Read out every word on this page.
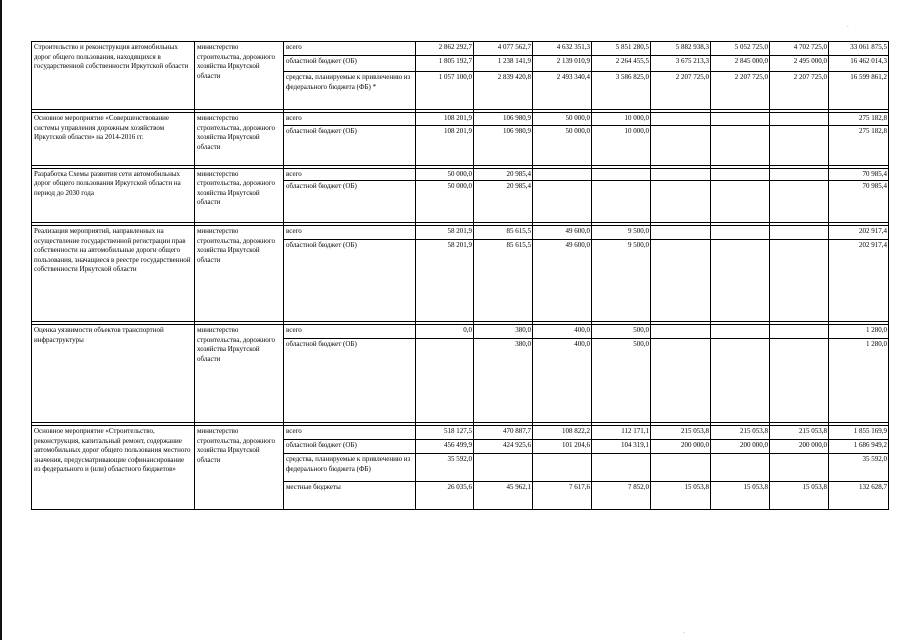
.
.
Строительство и реконструкция автомобильных дорог общего пользования, находящихся в государственной собственности Иркутской области	министерство строительства, дорожного хозяйства Иркутской области	всего	2 862 292,7	4 077 562,7	4 632 351,3	5 851 280,5	5 882 938,3	5 052 725,0	4 702 725,0	33 061 875,5
		областной бюджет (ОБ)	1 805 192,7	1 238 141,9	2 139 010,9	2 264 455,5	3 675 213,3	2 845 000,0	2 495 000,0	16 462 014,3
		средства, планируемые к привлечению из федерального бюджета (ФБ) *	1 057 100,0	2 839 420,8	2 493 340,4	3 586 825,0	2 207 725,0	2 207 725,0	2 207 725,0	16 599 861,2

Основное мероприятие «Совершенствование системы управления дорожным хозяйством Иркутской области» на 2014-2016 гг.	министерство строительства, дорожного хозяйства Иркутской области	всего	108 201,9	106 980,9	50 000,0	10 000,0				275 182,8
		областной бюджет (ОБ)	108 201,9	106 980,9	50 000,0	10 000,0				275 182,8

Разработка Схемы развития сети автомобильных дорог общего пользования Иркутской области на период до 2030 года	министерство строительства, дорожного хозяйства Иркутской области	всего	50 000,0	20 985,4						70 985,4
		областной бюджет (ОБ)	50 000,0	20 985,4						70 985,4

Реализация мероприятий, направленных на осуществление государственной регистрации прав собственности на автомобильные дороги общего пользования, значащиеся в реестре государственной собственности Иркутской области	министерство строительства, дорожного хозяйства Иркутской области	всего	58 201,9	85 615,5	49 600,0	9 500,0				202 917,4
		областной бюджет (ОБ)	58 201,9	85 615,5	49 600,0	9 500,0				202 917,4

Оценка уязвимости объектов транспортной инфраструктуры	министерство строительства, дорожного хозяйства Иркутской области	всего	0,0	380,0	400,0	500,0				1 280,0
		областной бюджет (ОБ)		380,0	400,0	500,0				1 280,0

Основное мероприятие «Строительство, реконструкция, капитальный ремонт, содержание автомобильных дорог общего пользования местного значения, предусматривающие софинансирование из федерального и (или) областного бюджетов»	министерство строительства, дорожного хозяйства Иркутской области	всего	518 127,5	470 887,7	108 822,2	112 171,1	215 053,8	215 053,8	215 053,8	1 855 169,9
		областной бюджет (ОБ)	456 499,9	424 925,6	101 204,6	104 319,1	200 000,0	200 000,0	200 000,0	1 686 949,2
		средства, планируемые к привлечению из федерального бюджета (ФБ)	35 592,0							35 592,0
		местные бюджеты	26 035,6	45 962,1	7 617,6	7 852,0	15 053,8	15 053,8	15 053,8	132 628,7
